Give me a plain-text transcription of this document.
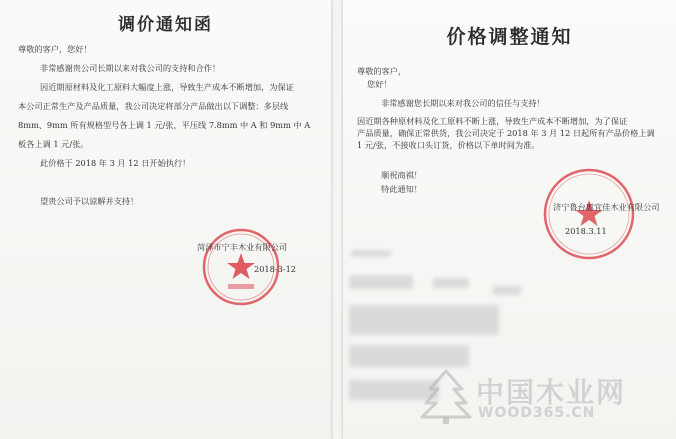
调价通知函
尊敬的客户，您好！
非常感谢贵公司长期以来对我公司的支持和合作！
因近期原材料及化工原料大幅度上涨，导致生产成本不断增加，为保证
本公司正常生产及产品质量，我公司决定将部分产品做出以下调整：多层线
8mm、9mm 所有规格型号各上调 1 元/张，平压线 7.8mm 中 A 和 9mm 中 A
板各上调 1 元/张。
此价格于 2018 年 3 月 12 日开始执行！
望贵公司予以谅解并支持！
菏泽市宁丰木业有限公司
2018-3-12
价格调整通知
尊敬的客户，
您好！
非常感谢您长期以来对我公司的信任与支持！
因近期各种原材料及化工原料不断上涨，导致生产成本不断增加，为了保证
产品质量，确保正常供货，我公司决定于 2018 年 3 月 12 日起所有产品价格上调
1 元/张，不接收口头订货，价格以下单时间为准。
顺祝商祺！
特此通知！
济宁鲁台惠宜佳木业有限公司
2018.3.11
中国木业网
WOOD365.CN
